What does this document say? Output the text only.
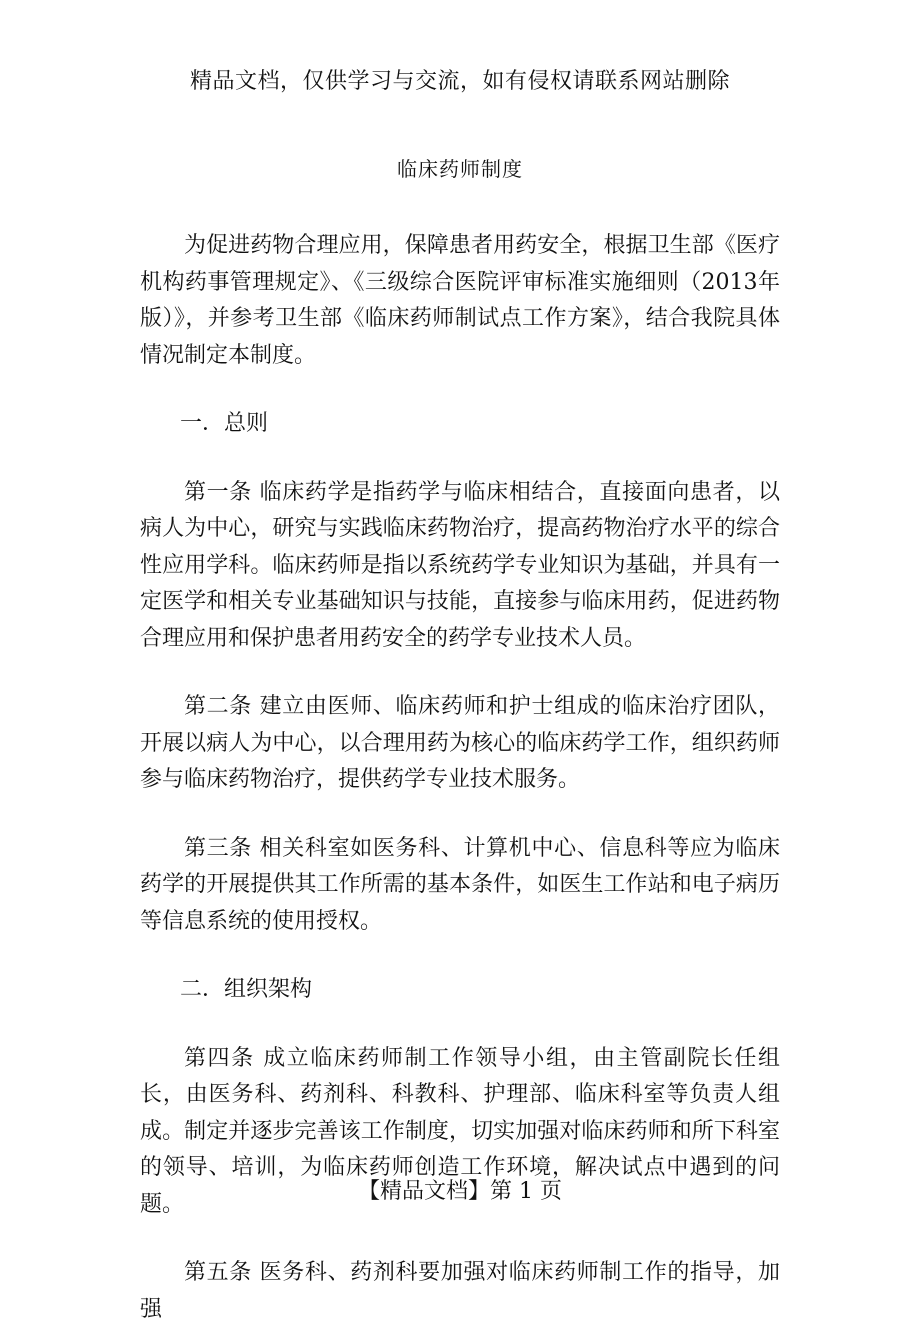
精品文档，仅供学习与交流，如有侵权请联系网站删除
临床药师制度

为促进药物合理应用，保障患者用药安全，根据卫生部《医疗机构药事管理规定》、《三级综合医院评审标准实施细则（2013年版）》，并参考卫生部《临床药师制试点工作方案》，结合我院具体情况制定本制度。

一．总则

第一条 临床药学是指药学与临床相结合，直接面向患者，以病人为中心，研究与实践临床药物治疗，提高药物治疗水平的综合性应用学科。临床药师是指以系统药学专业知识为基础，并具有一定医学和相关专业基础知识与技能，直接参与临床用药，促进药物合理应用和保护患者用药安全的药学专业技术人员。

第二条 建立由医师、临床药师和护士组成的临床治疗团队，开展以病人为中心，以合理用药为核心的临床药学工作，组织药师参与临床药物治疗，提供药学专业技术服务。

第三条 相关科室如医务科、计算机中心、信息科等应为临床药学的开展提供其工作所需的基本条件，如医生工作站和电子病历等信息系统的使用授权。

二．组织架构

第四条 成立临床药师制工作领导小组，由主管副院长任组长，由医务科、药剂科、科教科、护理部、临床科室等负责人组成。制定并逐步完善该工作制度，切实加强对临床药师和所下科室的领导、培训，为临床药师创造工作环境，解决试点中遇到的问题。

第五条 医务科、药剂科要加强对临床药师制工作的指导，加强

【精品文档】第 1 页
